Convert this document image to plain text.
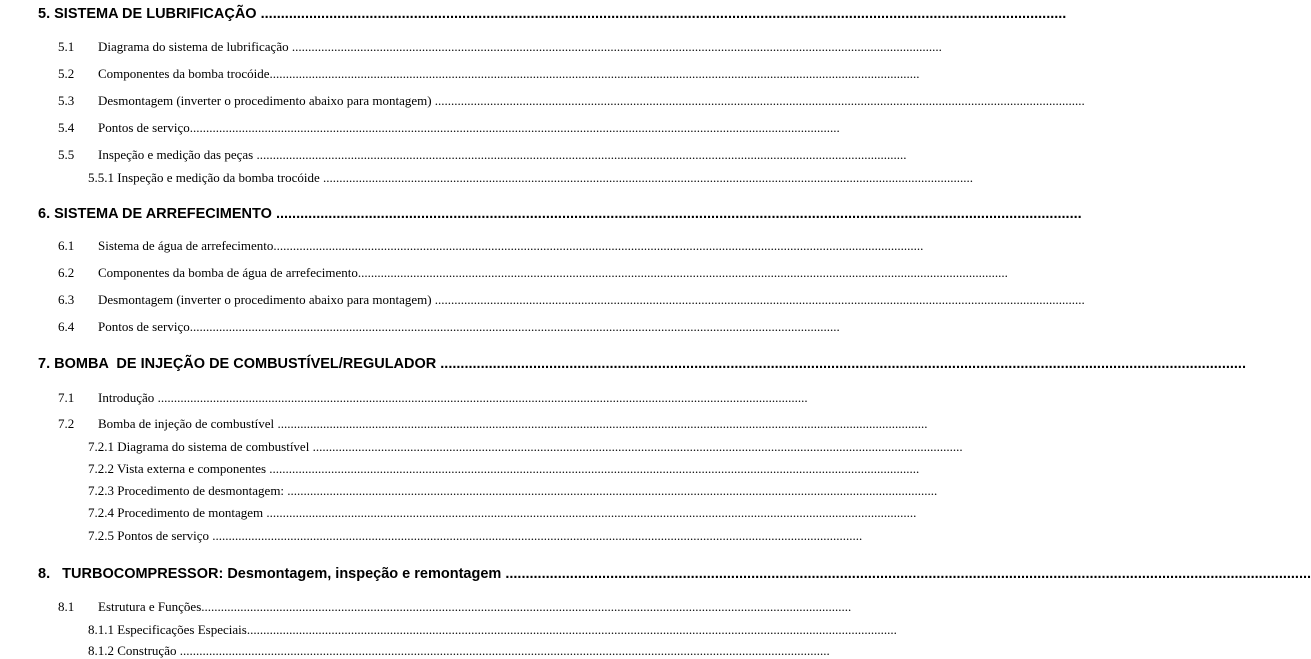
5. SISTEMA DE LUBRIFICAÇÃO ........................................................................................................................................................................................................
5.1 Diagrama do sistema de lubrificação ........................................................................................................................................................................................................
5.2 Componentes da bomba trocóide........................................................................................................................................................................................................
5.3 Desmontagem (inverter o procedimento abaixo para montagem) ........................................................................................................................................................................................................
5.4 Pontos de serviço........................................................................................................................................................................................................
5.5 Inspeção e medição das peças ........................................................................................................................................................................................................
5.5.1 Inspeção e medição da bomba trocóide ........................................................................................................................................................................................................
6. SISTEMA DE ARREFECIMENTO ........................................................................................................................................................................................................
6.1 Sistema de água de arrefecimento........................................................................................................................................................................................................
6.2 Componentes da bomba de água de arrefecimento........................................................................................................................................................................................................
6.3 Desmontagem (inverter o procedimento abaixo para montagem) ........................................................................................................................................................................................................
6.4 Pontos de serviço........................................................................................................................................................................................................
7. BOMBA  DE INJEÇÃO DE COMBUSTÍVEL/REGULADOR ........................................................................................................................................................................................................
7.1 Introdução ........................................................................................................................................................................................................
7.2 Bomba de injeção de combustível ........................................................................................................................................................................................................
7.2.1 Diagrama do sistema de combustível ........................................................................................................................................................................................................
7.2.2 Vista externa e componentes ........................................................................................................................................................................................................
7.2.3 Procedimento de desmontagem: ........................................................................................................................................................................................................
7.2.4 Procedimento de montagem ........................................................................................................................................................................................................
7.2.5 Pontos de serviço ........................................................................................................................................................................................................
8.   TURBOCOMPRESSOR: Desmontagem, inspeção e remontagem ........................................................................................................................................................................................................
8.1 Estrutura e Funções........................................................................................................................................................................................................
8.1.1 Especificações Especiais........................................................................................................................................................................................................
8.1.2 Construção ........................................................................................................................................................................................................
